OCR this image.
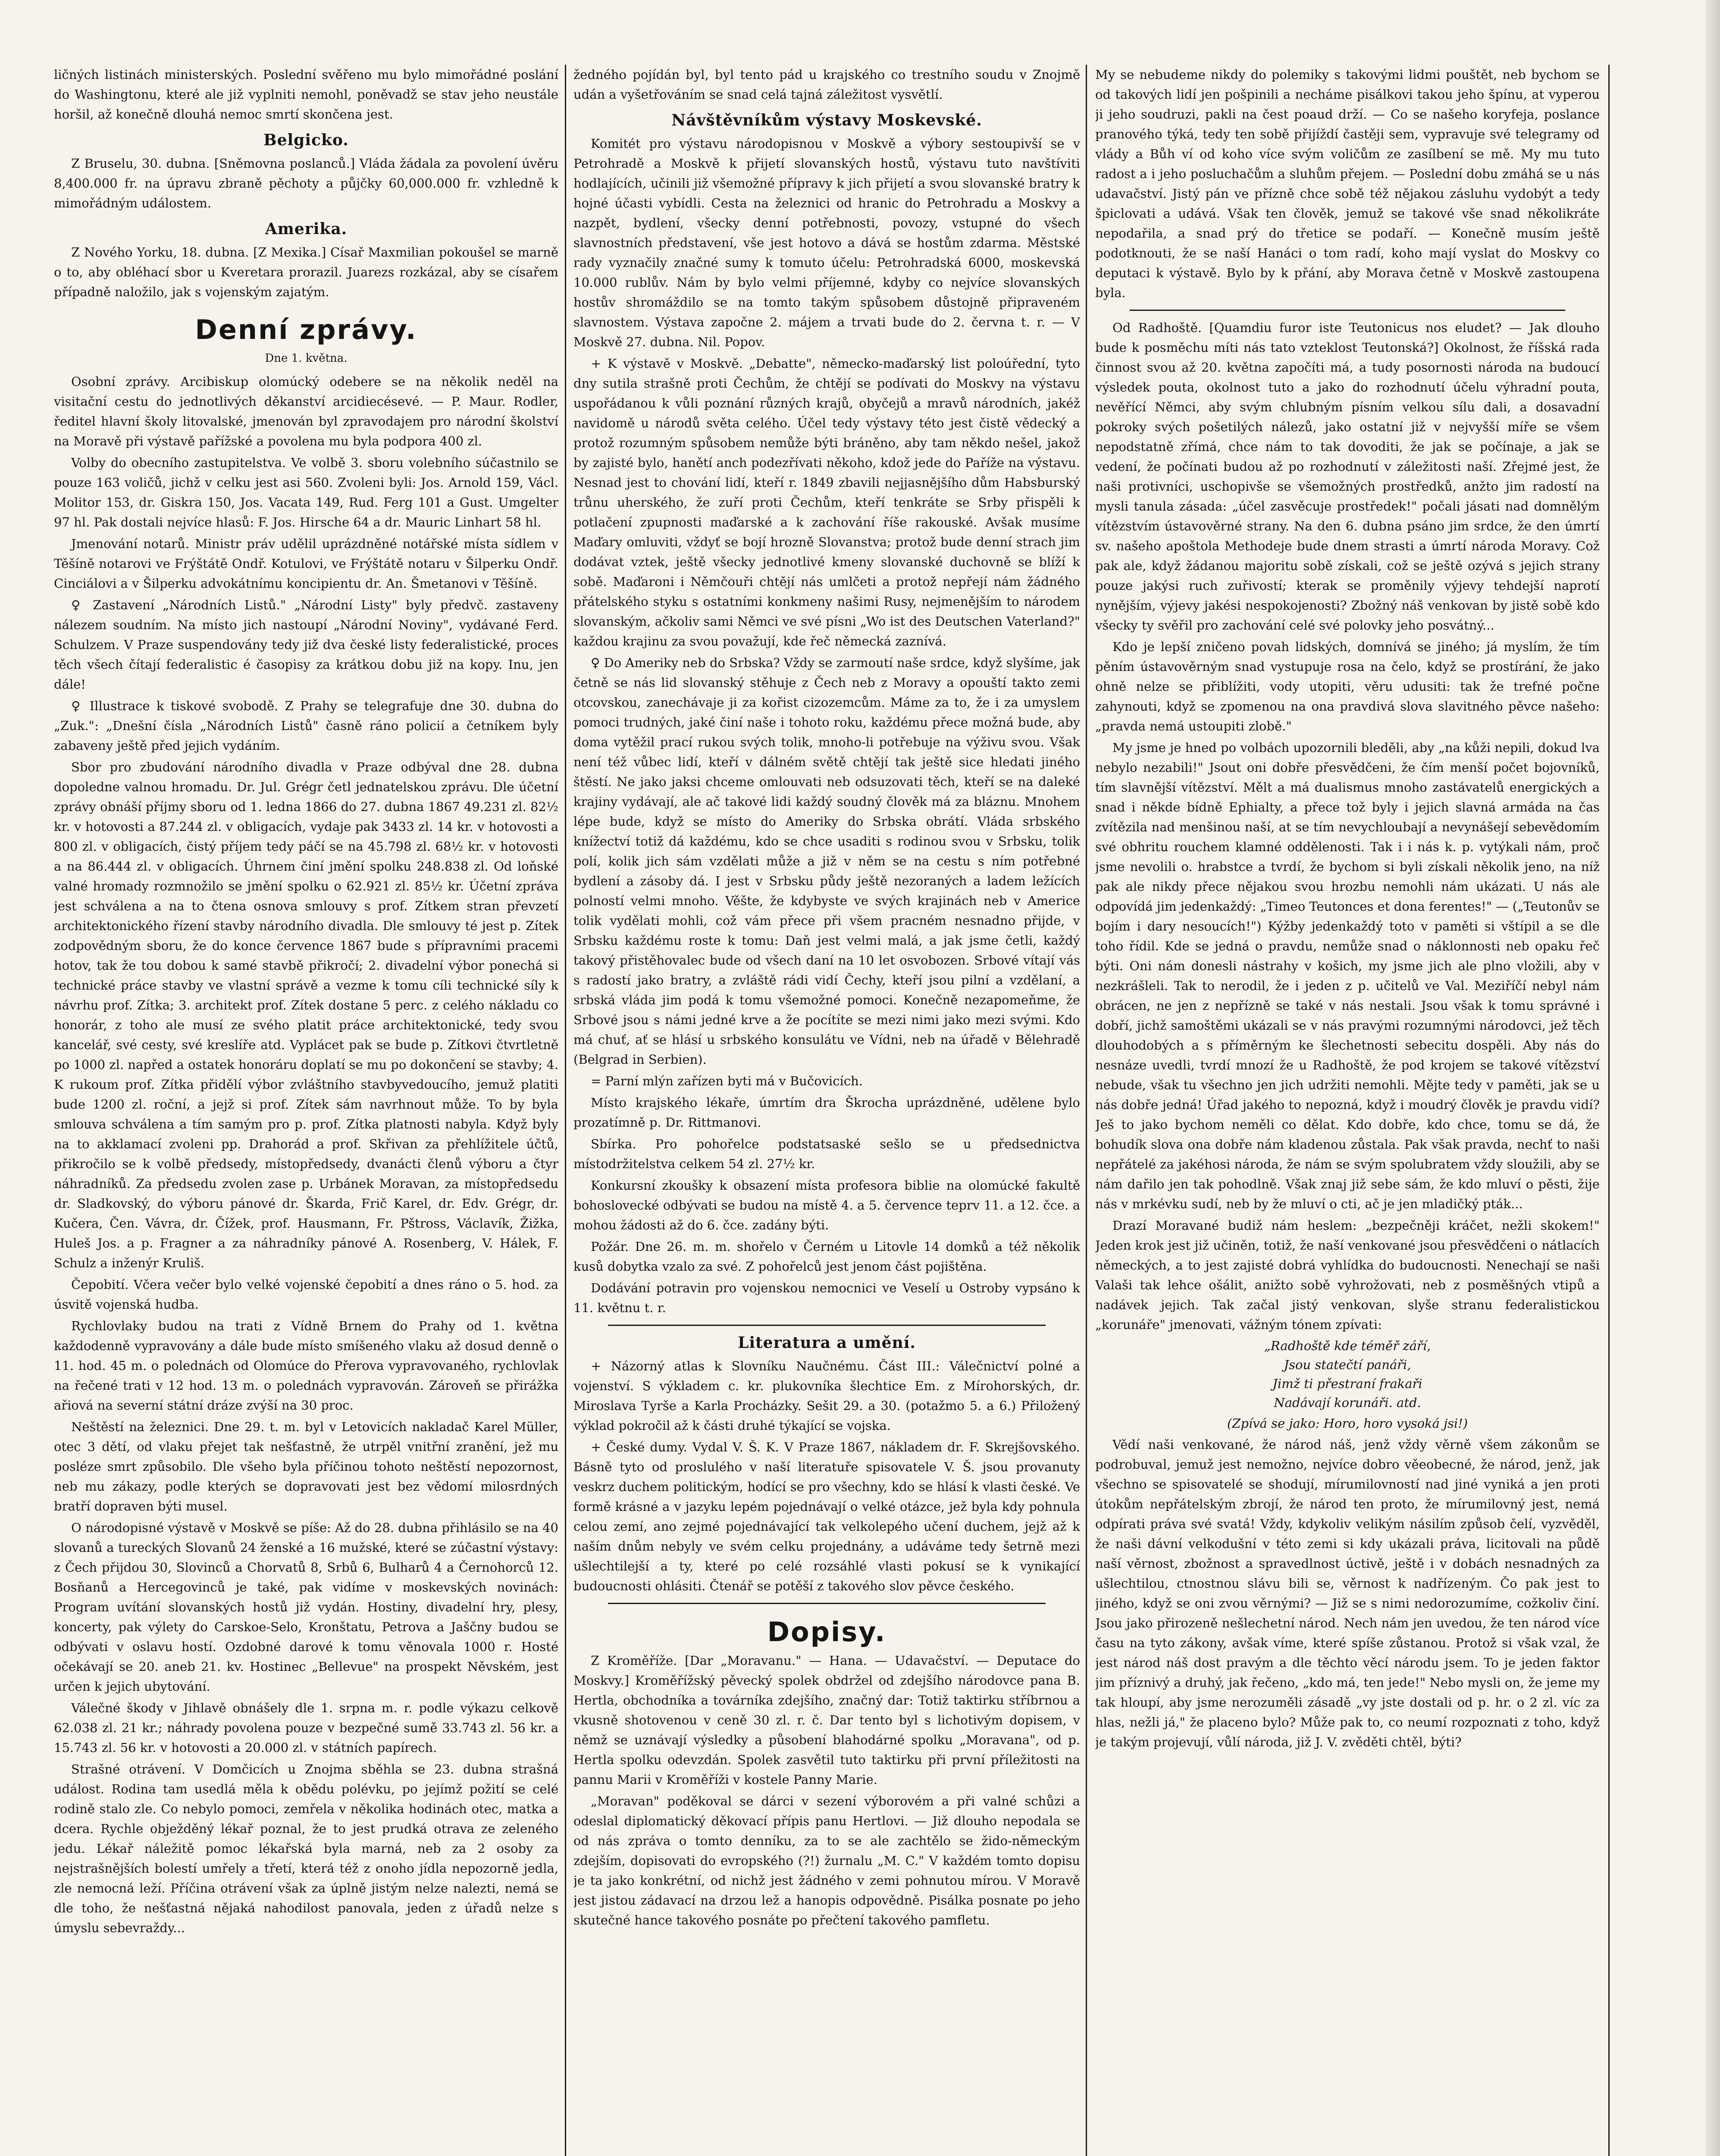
ličných listinách ministerských. Poslední svěřeno mu bylo mimořádné poslání do Washingtonu, které ale již vyplniti nemohl, poněvadž se stav jeho neustále horšil, až konečně dlouhá nemoc smrtí skončena jest.

Belgicko.

Z Bruselu, 30. dubna. [Sněmovna poslanců.] Vláda žádala za povolení úvěru 8,400.000 fr. na úpravu zbraně pěchoty a půjčky 60,000.000 fr. vzhledně k mimořádným událostem.

Amerika.

Z Nového Yorku, 18. dubna. [Z Mexika.] Císař Maxmilian pokoušel se marně o to, aby obléhací sbor u Kveretara prorazil. Juarezs rozkázal, aby se císařem případně naložilo, jak s vojenským zajatým.

Denní zprávy.
Dne 1. května.

Osobní zprávy. Arcibiskup olomúcký odebere se na několik neděl na visitační cestu do jednotlivých děkanství arcidiecésevé. — P. Maur. Rodler, ředitel hlavní školy litovalské, jmenován byl zpravodajem pro národní školství na Moravě při výstavě pařížské a povolena mu byla podpora 400 zl.

Volby do obecního zastupitelstva. Ve volbě 3. sboru volebního súčastnilo se pouze 163 voličů, jichž v celku jest asi 560. Zvoleni byli: Jos. Arnold 159, Václ. Molitor 153, dr. Giskra 150, Jos. Vacata 149, Rud. Ferg 101 a Gust. Umgelter 97 hl. Pak dostali nejvíce hlasů: F. Jos. Hirsche 64 a dr. Mauric Linhart 58 hl.

Jmenování notarů. Ministr práv udělil uprázdněné notářské místa sídlem v Těšíně notarovi ve Frýštátě Ondř. Kotulovi, ve Frýštátě notaru v Šilperku Ondř. Cinciálovi a v Šilperku advokátnímu koncipientu dr. An. Šmetanovi v Těšíně.

♀ Zastavení „Národních Listů." „Národní Listy" byly předvč. zastaveny nálezem soudním. Na místo jich nastoupí „Národní Noviny", vydávané Ferd. Schulzem. V Praze suspendovány tedy již dva české listy federalistické, proces těch všech čítají federalistic é časopisy za krátkou dobu již na kopy. Inu, jen dále!

♀ Illustrace k tiskové svobodě. Z Prahy se telegrafuje dne 30. dubna do „Zuk.": „Dnešní čísla „Národních Listů" časně ráno policií a četníkem byly zabaveny ještě před jejich vydáním.

Sbor pro zbudování národního divadla v Praze odbýval dne 28. dubna dopoledne valnou hromadu. Dr. Jul. Grégr četl jednatelskou zprávu. Dle účetní zprávy obnáší příjmy sboru od 1. ledna 1866 do 27. dubna 1867 49.231 zl. 82½ kr. v hotovosti a 87.244 zl. v obligacích, vydaje pak 3433 zl. 14 kr. v hotovosti a 800 zl. v obligacích, čistý příjem tedy páčí se na 45.798 zl. 68½ kr. v hotovosti a na 86.444 zl. v obligacích. Úhrnem činí jmění spolku 248.838 zl. Od loňské valné hromady rozmnožilo se jmění spolku o 62.921 zl. 85½ kr. Účetní zpráva jest schválena a na to čtena osnova smlouvy s prof. Zítkem stran převzetí architektonického řízení stavby národního divadla. Dle smlouvy té jest p. Zítek zodpovědným sboru, že do konce července 1867 bude s přípravními pracemi hotov, tak že tou dobou k samé stavbě přikročí; 2. divadelní výbor ponechá si technické práce stavby ve vlastní správě a vezme k tomu cíli technické síly k návrhu prof. Zítka; 3. architekt prof. Zítek dostane 5 perc. z celého nákladu co honorár, z toho ale musí ze svého platit práce architektonické, tedy svou kancelář, své cesty, své kreslíře atd. Vyplácet pak se bude p. Zítkovi čtvrtletně po 1000 zl. napřed a ostatek honoráru doplatí se mu po dokončení se stavby; 4. K rukoum prof. Zítka přidělí výbor zvláštního stavbyvedoucího, jemuž platiti bude 1200 zl. roční, a jejž si prof. Zítek sám navrhnout může. To by byla smlouva schválena a tím samým pro p. prof. Zítka platnosti nabyla. Když byly na to akklamací zvoleni pp. Drahorád a prof. Skřivan za přehlížitele účtů, přikročilo se k volbě předsedy, místopředsedy, dvanácti členů výboru a čtyr náhradníků. Za předsedu zvolen zase p. Urbánek Moravan, za místopředsedu dr. Sladkovský, do výboru pánové dr. Škarda, Frič Karel, dr. Edv. Grégr, dr. Kučera, Čen. Vávra, dr. Čížek, prof. Hausmann, Fr. Pštross, Václavík, Žižka, Huleš Jos. a p. Fragner a za náhradníky pánové A. Rosenberg, V. Hálek, F. Schulz a inženýr Kruliš.

Čepobití. Včera večer bylo velké vojenské čepobití a dnes ráno o 5. hod. za úsvitě vojenská hudba.

Rychlovlaky budou na trati z Vídně Brnem do Prahy od 1. května každodenně vypravovány a dále bude místo smíšeného vlaku až dosud denně o 11. hod. 45 m. o polednách od Olomúce do Přerova vypravovaného, rychlovlak na řečené trati v 12 hod. 13 m. o polednách vypravován. Zároveň se přirážka ařiová na severní státní dráze zvýší na 30 proc.

Neštěstí na železnici. Dne 29. t. m. byl v Letovicích nakladač Karel Müller, otec 3 dětí, od vlaku přejet tak nešťastně, že utrpěl vnitřní zranění, jež mu posléze smrt způsobilo. Dle všeho byla příčinou tohoto neštěstí nepozornost, neb mu zákazy, podle kterých se dopravovati jest bez vědomí milosrdných bratří dopraven býti musel.

O národopisné výstavě v Moskvě se píše: Až do 28. dubna přihlásilo se na 40 slovanů a tureckých Slovanů 24 ženské a 16 mužské, které se zúčastní výstavy: z Čech přijdou 30, Slovinců a Chorvatů 8, Srbů 6, Bulharů 4 a Černohorců 12. Bosňanů a Hercegovinců je také, pak vidíme v moskevských novinách: Program uvítání slovanských hostů již vydán. Hostiny, divadelní hry, plesy, koncerty, pak výlety do Carskoe-Selo, Kronštatu, Petrova a Jaščny budou se odbývati v oslavu hostí. Ozdobné darové k tomu věnovala 1000 r. Hosté očekávají se 20. aneb 21. kv. Hostinec „Bellevue" na prospekt Něvském, jest určen k jejich ubytování.

Válečné škody v Jihlavě obnášely dle 1. srpna m. r. podle výkazu celkově 62.038 zl. 21 kr.; náhrady povolena pouze v bezpečné sumě 33.743 zl. 56 kr. a 15.743 zl. 56 kr. v hotovosti a 20.000 zl. v státních papírech.

Strašné otrávení. V Domčicích u Znojma sběhla se 23. dubna strašná událost. Rodina tam usedlá měla k obědu polévku, po jejímž požití se celé rodině stalo zle. Co nebylo pomoci, zemřela v několika hodinách otec, matka a dcera. Rychle obježděný lékař poznal, že to jest prudká otrava ze zeleného jedu. Lékař náležitě pomoc lékařská byla marná, neb za 2 osoby za nejstrašnějších bolestí umřely a třetí, která též z onoho jídla nepozorně jedla, zle nemocná leží. Příčina otrávení však za úplně jistým nelze nalezti, nemá se dle toho, že nešťastná nějaká nahodilost panovala, jeden z úřadů nelze s úmyslu sebevraždy...

žedného pojídán byl, byl tento pád u krajského co trestního soudu v Znojmě udán a vyšetřováním se snad celá tajná záležitost vysvětlí.

Návštěvníkům výstavy Moskevské.

Komitét pro výstavu národopisnou v Moskvě a výbory sestoupivší se v Petrohradě a Moskvě k přijetí slovanských hostů, výstavu tuto navštíviti hodlajících, učinili již všemožné přípravy k jich přijetí a svou slovanské bratry k hojné účasti vybídli. Cesta na železnici od hranic do Petrohradu a Moskvy a nazpět, bydlení, všecky denní potřebnosti, povozy, vstupné do všech slavnostních představení, vše jest hotovo a dává se hostům zdarma. Městské rady vyznačily značné sumy k tomuto účelu: Petrohradská 6000, moskevská 10.000 rublův. Nám by bylo velmi příjemné, kdyby co nejvíce slovanských hostův shromáždilo se na tomto takým spůsobem důstojně připraveném slavnostem. Výstava započne 2. májem a trvati bude do 2. června t. r. — V Moskvě 27. dubna. Nil. Popov.

+ K výstavě v Moskvě. „Debatte", německo-maďarský list poloúřední, tyto dny sutila strašně proti Čechům, že chtějí se podívati do Moskvy na výstavu uspořádanou k vůli poznání různých krajů, obyčejů a mravů národních, jakéž navidomě u národů světa celého. Účel tedy výstavy této jest čistě vědecký a protož rozumným spůsobem nemůže býti bráněno, aby tam někdo nešel, jakož by zajisté bylo, hanětí anch podezřívati někoho, kdož jede do Paříže na výstavu. Nesnad jest to chování lidí, kteří r. 1849 zbavili nejjasnějšího dům Habsburský trůnu uherského, že zuří proti Čechům, kteří tenkráte se Srby přispěli k potlačení zpupnosti maďarské a k zachování říše rakouské. Avšak musíme Maďary omluviti, vždyť se bojí hrozně Slovanstva; protož bude denní strach jim dodávat vztek, ještě všecky jednotlivé kmeny slovanské duchovně se blíží k sobě. Maďaroni i Němčouři chtějí nás umlčeti a protož nepřejí nám žádného přátelského styku s ostatními konkmeny našimi Rusy, nejmenějším to národem slovanským, ačkoliv sami Němci ve své písni „Wo ist des Deutschen Vaterland?" každou krajinu za svou považují, kde řeč německá zaznívá.

♀ Do Ameriky neb do Srbska? Vždy se zarmoutí naše srdce, když slyšíme, jak četně se nás lid slovanský stěhuje z Čech neb z Moravy a opouští takto zemi otcovskou, zanechávaje ji za kořist cizozemcům. Máme za to, že i za umyslem pomoci trudných, jaké činí naše i tohoto roku, každému přece možná bude, aby doma vytěžil prací rukou svých tolik, mnoho-li potřebuje na výživu svou. Však není též vůbec lidí, kteří v dálném světě chtějí tak ještě sice hledati jiného štěstí. Ne jako jaksi chceme omlouvati neb odsuzovati těch, kteří se na daleké krajiny vydávají, ale ač takové lidi každý soudný člověk má za bláznu. Mnohem lépe bude, když se místo do Ameriky do Srbska obrátí. Vláda srbského knížectví totiž dá každému, kdo se chce usaditi s rodinou svou v Srbsku, tolik polí, kolik jich sám vzdělati může a již v něm se na cestu s ním potřebné bydlení a zásoby dá. I jest v Srbsku půdy ještě nezoraných a ladem ležících polností velmi mnoho. Věšte, že kdybyste ve svých krajinách neb v Americe tolik vydělati mohli, což vám přece při všem pracném nesnadno přijde, v Srbsku každému roste k tomu: Daň jest velmi malá, a jak jsme četli, každý takový přistěhovalec bude od všech daní na 10 let osvobozen. Srbové vítají vás s radostí jako bratry, a zvláště rádi vidí Čechy, kteří jsou pilní a vzdělaní, a srbská vláda jim podá k tomu všemožné pomoci. Konečně nezapomeňme, že Srbové jsou s námi jedné krve a že pocítíte se mezi nimi jako mezi svými. Kdo má chuť, ať se hlásí u srbského konsulátu ve Vídni, neb na úřadě v Bělehradě (Belgrad in Serbien).

= Parní mlýn zařízen byti má v Bučovicích.

Místo krajského lékaře, úmrtím dra Škrocha uprázdněné, udělene bylo prozatímně p. Dr. Rittmanovi.

Sbírka. Pro pohořelce podstatsaské sešlo se u předsednictva místodržitelstva celkem 54 zl. 27½ kr.

Konkursní zkoušky k obsazení místa profesora biblie na olomúcké fakultě bohoslovecké odbývati se budou na místě 4. a 5. července teprv 11. a 12. čce. a mohou žádosti až do 6. čce. zadány býti.

Požár. Dne 26. m. m. shořelo v Černém u Litovle 14 domků a též několik kusů dobytka vzalo za své. Z pohořelců jest jenom část pojištěna.

Dodávání potravin pro vojenskou nemocnici ve Veselí u Ostroby vypsáno k 11. květnu t. r.

Literatura a umění.

+ Názorný atlas k Slovníku Naučnému. Část III.: Válečnictví polné a vojenství. S výkladem c. kr. plukovníka šlechtice Em. z Mírohorských, dr. Miroslava Tyrše a Karla Procházky. Sešit 29. a 30. (potažmo 5. a 6.) Přiložený výklad pokročil až k části druhé týkající se vojska.

+ České dumy. Vydal V. Š. K. V Praze 1867, nákladem dr. F. Skrejšovského. Básně tyto od proslulého v naší literatuře spisovatele V. Š. jsou provanuty veskrz duchem politickým, hodící se pro všechny, kdo se hlásí k vlasti české. Ve formě krásné a v jazyku lepém pojednávají o velké otázce, jež byla kdy pohnula celou zemí, ano zejmé pojednávající tak velkolepého učení duchem, jejž až k naším dnům nebyly ve svém celku projednány, a udáváme tedy šetrně mezi ušlechtilejší a ty, které po celé rozsáhlé vlasti pokusí se k vynikající budoucnosti ohlásiti. Čtenář se potěší z takového slov pěvce českého.

Dopisy.

Z Kroměříže. [Dar „Moravanu." — Hana. — Udavačství. — Deputace do Moskvy.] Kroměřížský pěvecký spolek obdržel od zdejšího národovce pana B. Hertla, obchodníka a továrníka zdejšího, značný dar: Totiž taktirku stříbrnou a vkusně shotovenou v ceně 30 zl. r. č. Dar tento byl s lichotivým dopisem, v němž se uznávají výsledky a působení blahodárné spolku „Moravana", od p. Hertla spolku odevzdán. Spolek zasvětil tuto taktirku při první příležitosti na pannu Marii v Kroměříži v kostele Panny Marie.

„Moravan" poděkoval se dárci v sezení výborovém a při valné schůzi a odeslal diplomatický děkovací přípis panu Hertlovi. — Již dlouho nepodala se od nás zpráva o tomto denníku, za to se ale zachtělo se žido-německým zdejším, dopisovati do evropského (?!) žurnalu „M. C." V každém tomto dopisu je ta jako konkrétní, od nichž jest žádného v zemi pohnutou mírou. V Moravě jest jistou zádavací na drzou lež a hanopis odpovědně. Pisálka posnate po jeho skutečné hance takového posnáte po přečtení takového pamfletu.

My se nebudeme nikdy do polemiky s takovými lidmi pouštět, neb bychom se od takových lidí jen pošpinili a necháme pisálkovi takou jeho špínu, at vyperou ji jeho soudruzi, pakli na čest poaud drží. — Co se našeho koryfeja, poslance pranového týká, tedy ten sobě přijíždí častěji sem, vypravuje své telegramy od vlády a Bůh ví od koho více svým voličům ze zasílbení se mě. My mu tuto radost a i jeho posluchačům a sluhům přejem. — Poslední dobu zmáhá se u nás udavačství. Jistý pán ve přízně chce sobě též nějakou zásluhu vydobýt a tedy špiclovati a udává. Však ten člověk, jemuž se takové vše snad několikráte nepodařila, a snad prý do třetice se podaří. — Konečně musím ještě podotknouti, že se naší Hanáci o tom radí, koho mají vyslat do Moskvy co deputaci k výstavě. Bylo by k přání, aby Morava četně v Moskvě zastoupena byla.

Od Radhoště. [Quamdiu furor iste Teutonicus nos eludet? — Jak dlouho bude k posměchu míti nás tato vzteklost Teutonská?] Okolnost, že říšská rada činnost svou až 20. května započíti má, a tudy posornosti národa na budoucí výsledek pouta, okolnost tuto a jako do rozhodnutí účelu výhradní pouta, nevěřící Němci, aby svým chlubným písním velkou sílu dali, a dosavadní pokroky svých pošetilých nálezů, jako ostatní již v nejvyšší míře se všem nepodstatně zřímá, chce nám to tak dovoditi, že jak se počínaje, a jak se vedení, že počínati budou až po rozhodnutí v záležitosti naší. Zřejmé jest, že naši protivníci, uschopivše se všemožných prostředků, anžto jim radostí na mysli tanula zásada: „účel zasvěcuje prostředek!" počali jásati nad domnělým vítězstvím ústavověrné strany. Na den 6. dubna psáno jim srdce, že den úmrtí sv. našeho apoštola Methodeje bude dnem strasti a úmrtí národa Moravy. Což pak ale, když žádanou majoritu sobě získali, což se ještě ozývá s jejich strany pouze jakýsi ruch zuřivostí; kterak se proměnily výjevy tehdejší naprotí nynějším, výjevy jakési nespokojenosti? Zbožný náš venkovan by jistě sobě kdo všecky ty svěřil pro zachování celé své polovky jeho posvátný...

Kdo je lepší zničeno povah lidských, domnívá se jiného; já myslím, že tím pěním ústavověrným snad vystupuje rosa na čelo, když se prostírání, že jako ohně nelze se přiblížiti, vody utopiti, věru udusiti: tak že trefné počne zahynouti, když se zpomenou na ona pravdivá slova slavitného pěvce našeho: „pravda nemá ustoupiti zlobě."

My jsme je hned po volbách upozornili bleděli, aby „na kůži nepili, dokud lva nebylo nezabili!" Jsout oni dobře přesvědčeni, že čím menší počet bojovníků, tím slavnější vítězství. Mělt a má dualismus mnoho zastávatelů energických a snad i někde bídně Ephialty, a přece tož byly i jejich slavná armáda na čas zvítězila nad menšinou naší, at se tím nevychloubají a nevynášejí sebevědomím své obhritu rouchem klamné oddělenosti. Tak i i nás k. p. vytýkali nám, proč jsme nevolili o. hrabstce a tvrdí, že bychom si byli získali několik jeno, na níž pak ale nikdy přece nějakou svou hrozbu nemohli nám ukázati. U nás ale odpovídá jim jedenkaždý: „Timeo Teutonces et dona ferentes!" — („Teutonův se bojím i dary nesoucích!") Kýžby jedenkaždý toto v paměti si vštípil a se dle toho řídil. Kde se jedná o pravdu, nemůže snad o náklonnosti neb opaku řeč býti. Oni nám donesli nástrahy v košich, my jsme jich ale plno vložili, aby v nezkrášleli. Tak to nerodil, že i jeden z p. učitelů ve Val. Meziříčí nebyl nám obrácen, ne jen z nepřízně se také v nás nestali. Jsou však k tomu správné i dobří, jichž samoštěmi ukázali se v nás pravými rozumnými národovci, jež těch dlouhodobých a s příměrným ke šlechetnosti sebecitu dospěli. Aby nás do nesnáze uvedli, tvrdí mnozí že u Radhoště, že pod krojem se takové vítězství nebude, však tu všechno jen jich udržiti nemohli. Mějte tedy v paměti, jak se u nás dobře jedná! Úřad jakého to nepozná, když i moudrý člověk je pravdu vidí? Ješ to jako bychom neměli co dělat. Kdo dobře, kdo chce, tomu se dá, že bohudík slova ona dobře nám kladenou zůstala. Pak však pravda, nechť to naši nepřátelé za jakéhosi národa, že nám se svým spolubratem vždy sloužili, aby se nám dařilo jen tak pohodlně. Však znaj již sebe sám, že kdo mluví o pěsti, žije nás v mrkévku sudí, neb by že mluví o cti, ač je jen mladičký pták...

Drazí Moravané budiž nám heslem: „bezpečněji kráčet, nežli skokem!" Jeden krok jest již učiněn, totiž, že naší venkované jsou přesvědčeni o nátlacích německých, a to jest zajisté dobrá vyhlídka do budoucnosti. Nenechají se naši Valaši tak lehce ošálit, anižto sobě vyhrožovati, neb z posměšných vtipů a nadávek jejich. Tak začal jistý venkovan, slyše stranu federalistickou „korunáře" jmenovati, vážným tónem zpívati:

„Radhoště kde téměř září,
Jsou statečtí panáři,
Jimž ti přestraní frakaři
Nadávají korunáři. atd.
(Zpívá se jako: Horo, horo vysoká jsi!)

Vědí naši venkované, že národ náš, jenž vždy věrně všem zákonům se podrobuval, jemuž jest nemožno, nejvíce dobro věeobecné, že národ, jenž, jak všechno se spisovatelé se shodují, mírumilovností nad jiné vyniká a jen proti útokům nepřátelským zbrojí, že národ ten proto, že mírumilovný jest, nemá odpírati práva své svatá! Vždy, kdykoliv velikým násilím způsob čelí, vyzvěděl, že naši dávní velkodušní v této zemi si kdy ukázali práva, licitovali na půdě naší věrnost, zbožnost a spravedlnost úctivě, ještě i v dobách nesnadných za ušlechtilou, ctnostnou slávu bili se, věrnost k nadřízeným. Čo pak jest to jiného, když se oni zvou věrnými? — Již se s nimi nedorozumíme, cožkoliv činí. Jsou jako přirozeně nešlechetní národ. Nech nám jen uvedou, že ten národ více času na tyto zákony, avšak víme, které spíše zůstanou. Protož si však vzal, že jest národ náš dost pravým a dle těchto věcí národu jsem. To je jeden faktor jim příznivý a druhý, jak řečeno, „kdo má, ten jede!" Nebo mysli on, že jeme my tak hloupí, aby jsme nerozuměli zásadě „vy jste dostali od p. hr. o 2 zl. víc za hlas, nežli já," že placeno bylo? Může pak to, co neumí rozpoznati z toho, když je takým projevují, vůlí národa, již J. V. zvěděti chtěl, býti?
